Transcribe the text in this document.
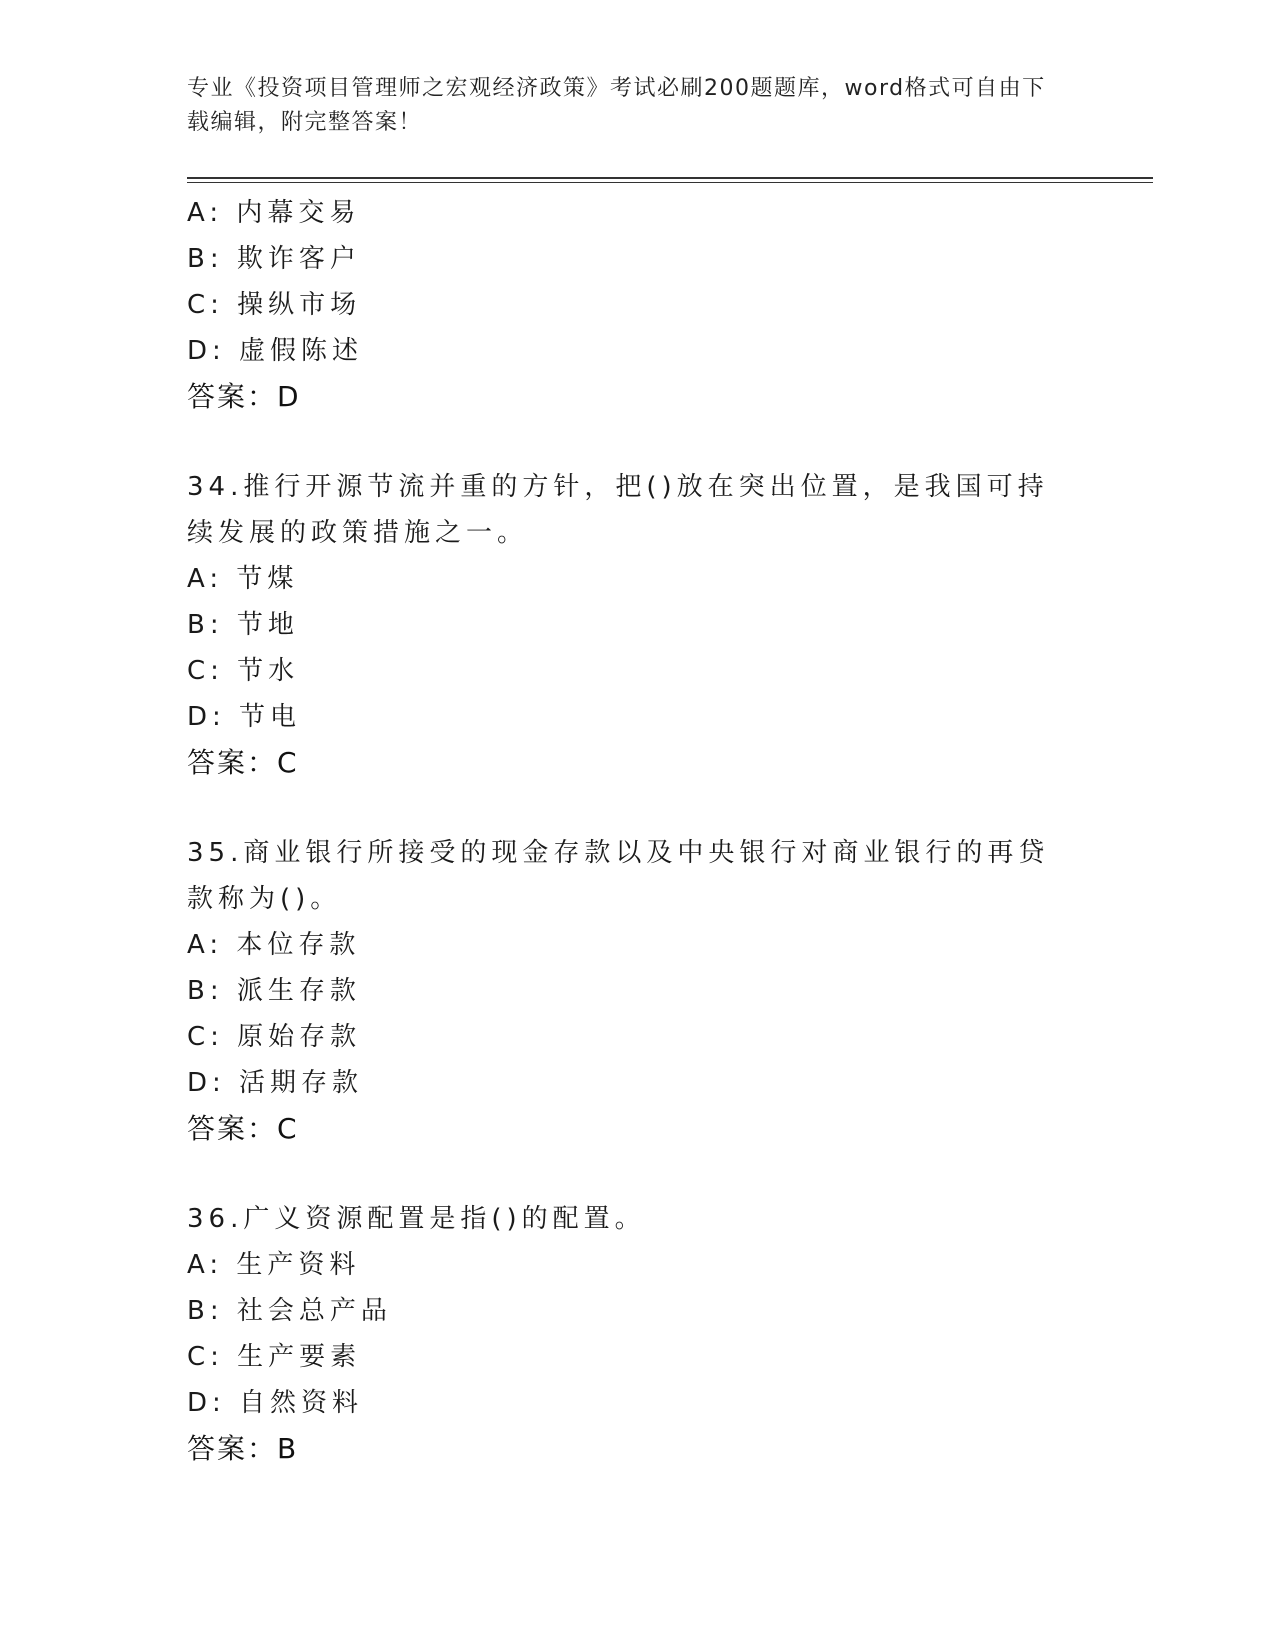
专业《投资项目管理师之宏观经济政策》考试必刷200题题库，word格式可自由下载编辑，附完整答案！
A: 内幕交易
B: 欺诈客户
C: 操纵市场
D: 虚假陈述
答案：D
34.推行开源节流并重的方针，把()放在突出位置，是我国可持续发展的政策措施之一。
A: 节煤
B: 节地
C: 节水
D: 节电
答案：C
35.商业银行所接受的现金存款以及中央银行对商业银行的再贷款称为()。
A: 本位存款
B: 派生存款
C: 原始存款
D: 活期存款
答案：C
36.广义资源配置是指()的配置。
A: 生产资料
B: 社会总产品
C: 生产要素
D: 自然资料
答案：B
